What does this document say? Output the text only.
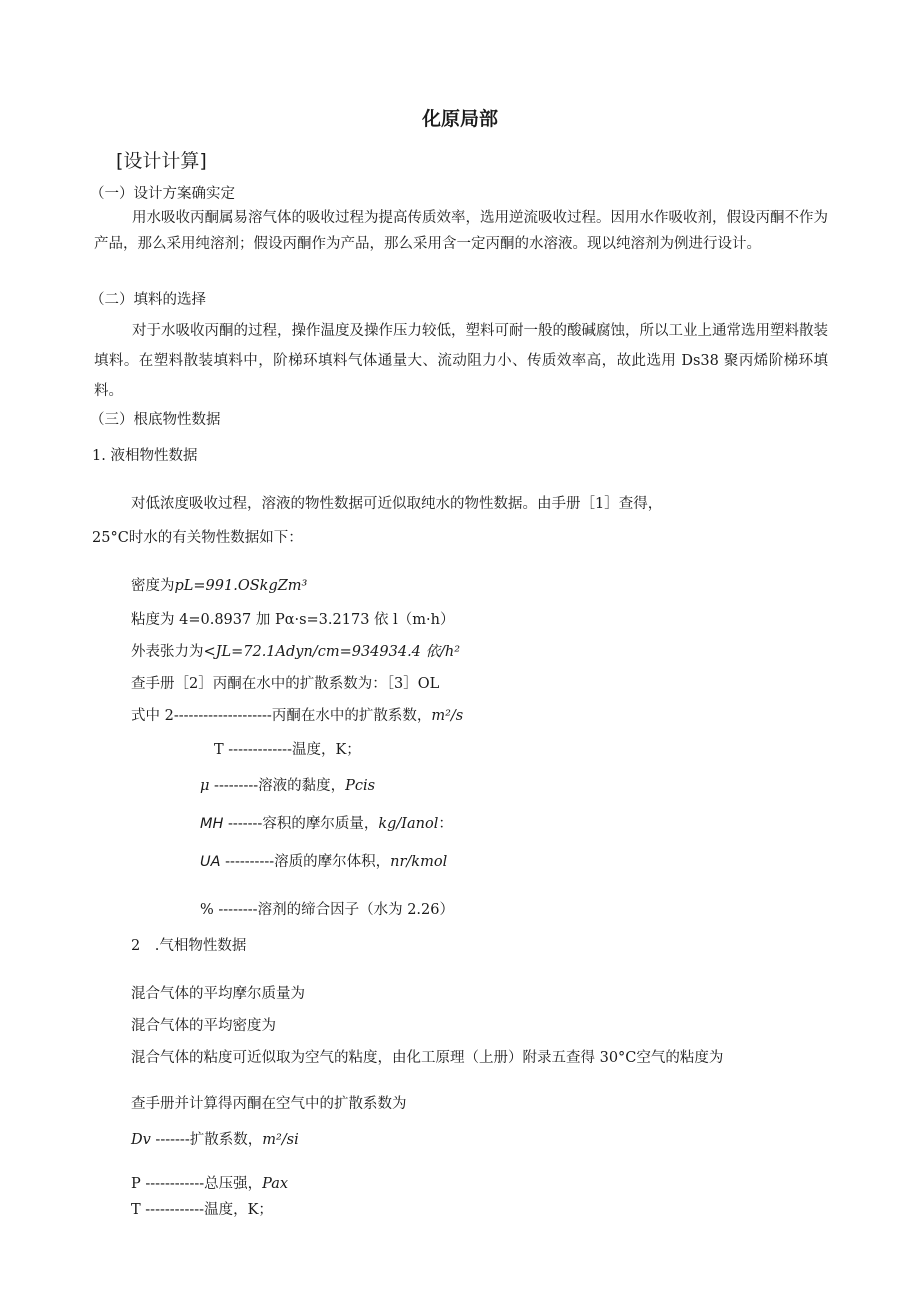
化原局部
[设计计算]
（一）设计方案确实定
用水吸收丙酮属易溶气体的吸收过程为提高传质效率，选用逆流吸收过程。因用水作吸收剂，假设丙酮不作为产品，那么采用纯溶剂；假设丙酮作为产品，那么采用含一定丙酮的水溶液。现以纯溶剂为例进行设计。
（二）填料的选择
对于水吸收丙酮的过程，操作温度及操作压力较低，塑料可耐一般的酸碱腐蚀，所以工业上通常选用塑料散装填料。在塑料散装填料中，阶梯环填料气体通量大、流动阻力小、传质效率高，故此选用 Ds38 聚丙烯阶梯环填料。
（三）根底物性数据
1. 液相物性数据
对低浓度吸收过程，溶液的物性数据可近似取纯水的物性数据。由手册［1］查得，
25°C时水的有关物性数据如下：
密度为pL=991.OSkgZm³
粘度为 4=0.8937 加 Pα·s=3.2173 依 l（m·h）
外表张力为<JL=72.1Adyn/cm=934934.4 依/h²
查手册［2］丙酮在水中的扩散系数为：［3］OL
式中 2--------------------丙酮在水中的扩散系数，m²/s
T -------------温度，K；
μ ---------溶液的黏度，Pcis
MH -------容积的摩尔质量，kg/Ianol：
UA ----------溶质的摩尔体积，nr/kmol
% --------溶剂的缔合因子（水为 2.26）
2　.气相物性数据
混合气体的平均摩尔质量为
混合气体的平均密度为
混合气体的粘度可近似取为空气的粘度，由化工原理（上册）附录五查得 30°C空气的粘度为
查手册并计算得丙酮在空气中的扩散系数为
Dv -------扩散系数，m²/si
P ------------总压强，Pax
T ------------温度，K；
